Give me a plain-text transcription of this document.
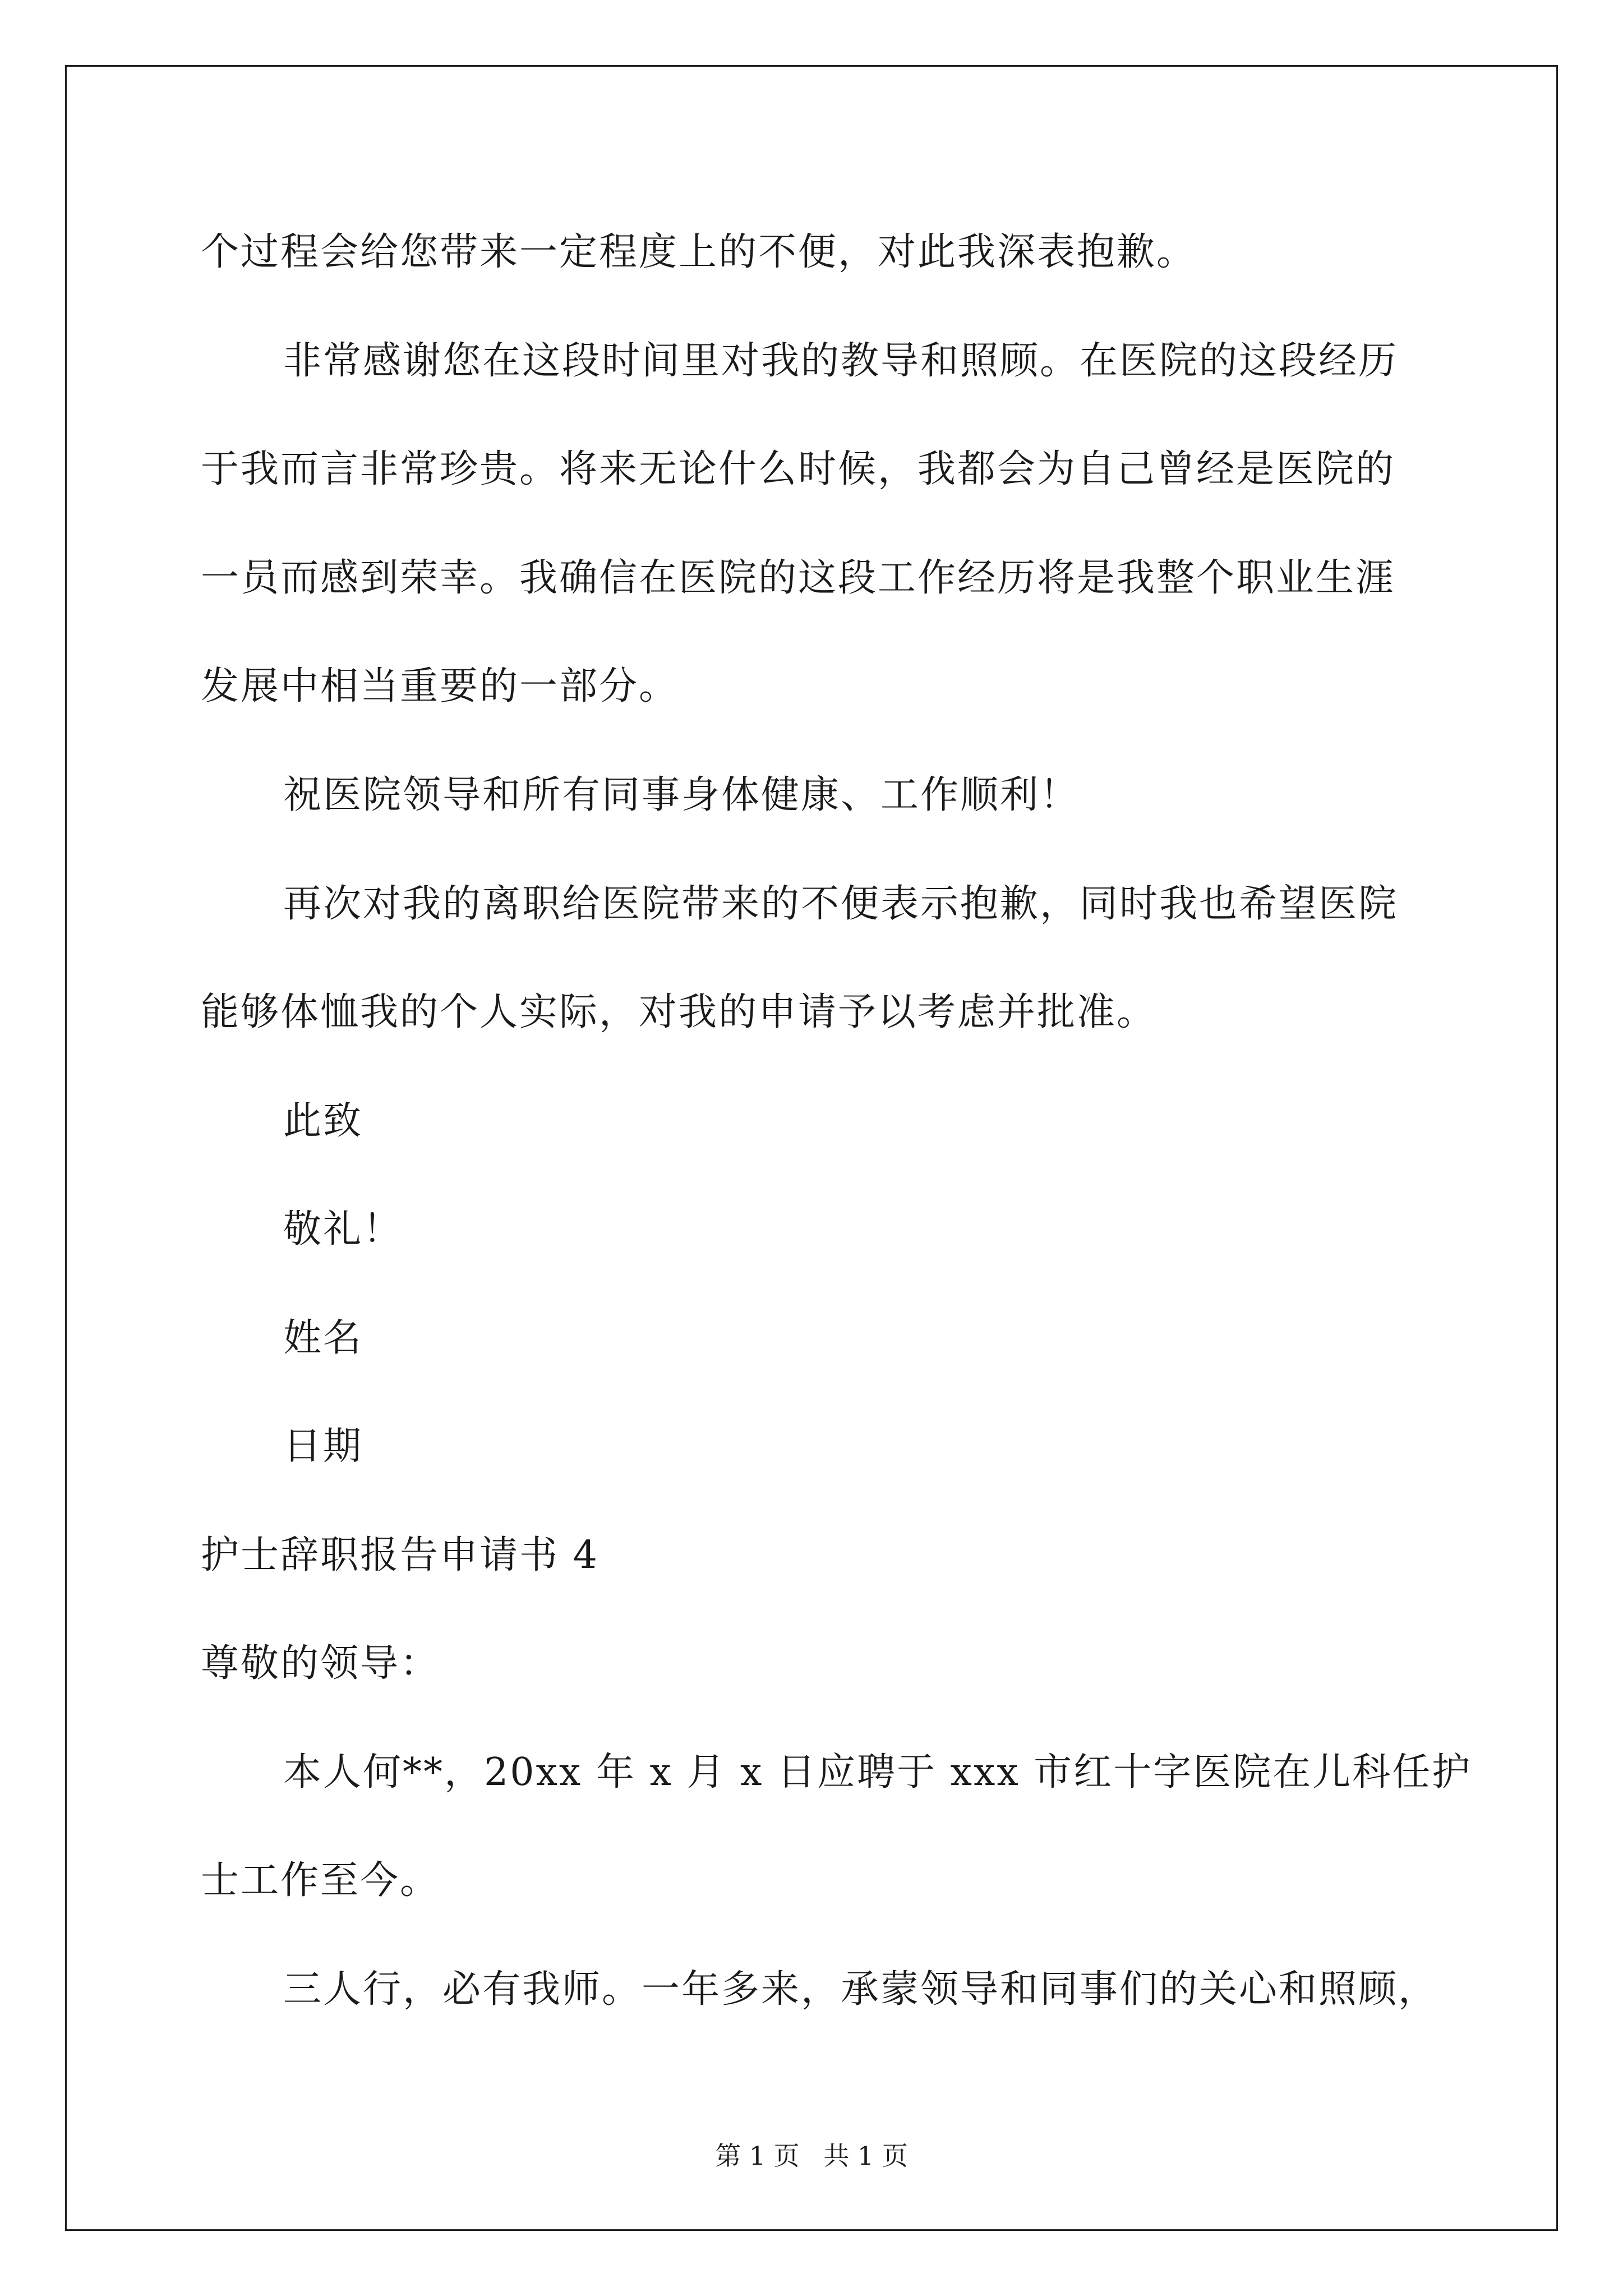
个过程会给您带来一定程度上的不便，对此我深表抱歉。
非常感谢您在这段时间里对我的教导和照顾。在医院的这段经历
于我而言非常珍贵。将来无论什么时候，我都会为自己曾经是医院的
一员而感到荣幸。我确信在医院的这段工作经历将是我整个职业生涯
发展中相当重要的一部分。
祝医院领导和所有同事身体健康、工作顺利！
再次对我的离职给医院带来的不便表示抱歉，同时我也希望医院
能够体恤我的个人实际，对我的申请予以考虑并批准。
此致
敬礼！
姓名
日期
护士辞职报告申请书 4
尊敬的领导：
本人何**，20xx 年 x 月 x 日应聘于 xxx 市红十字医院在儿科任护
士工作至今。
三人行，必有我师。一年多来，承蒙领导和同事们的关心和照顾，
第 1 页 共 1 页
